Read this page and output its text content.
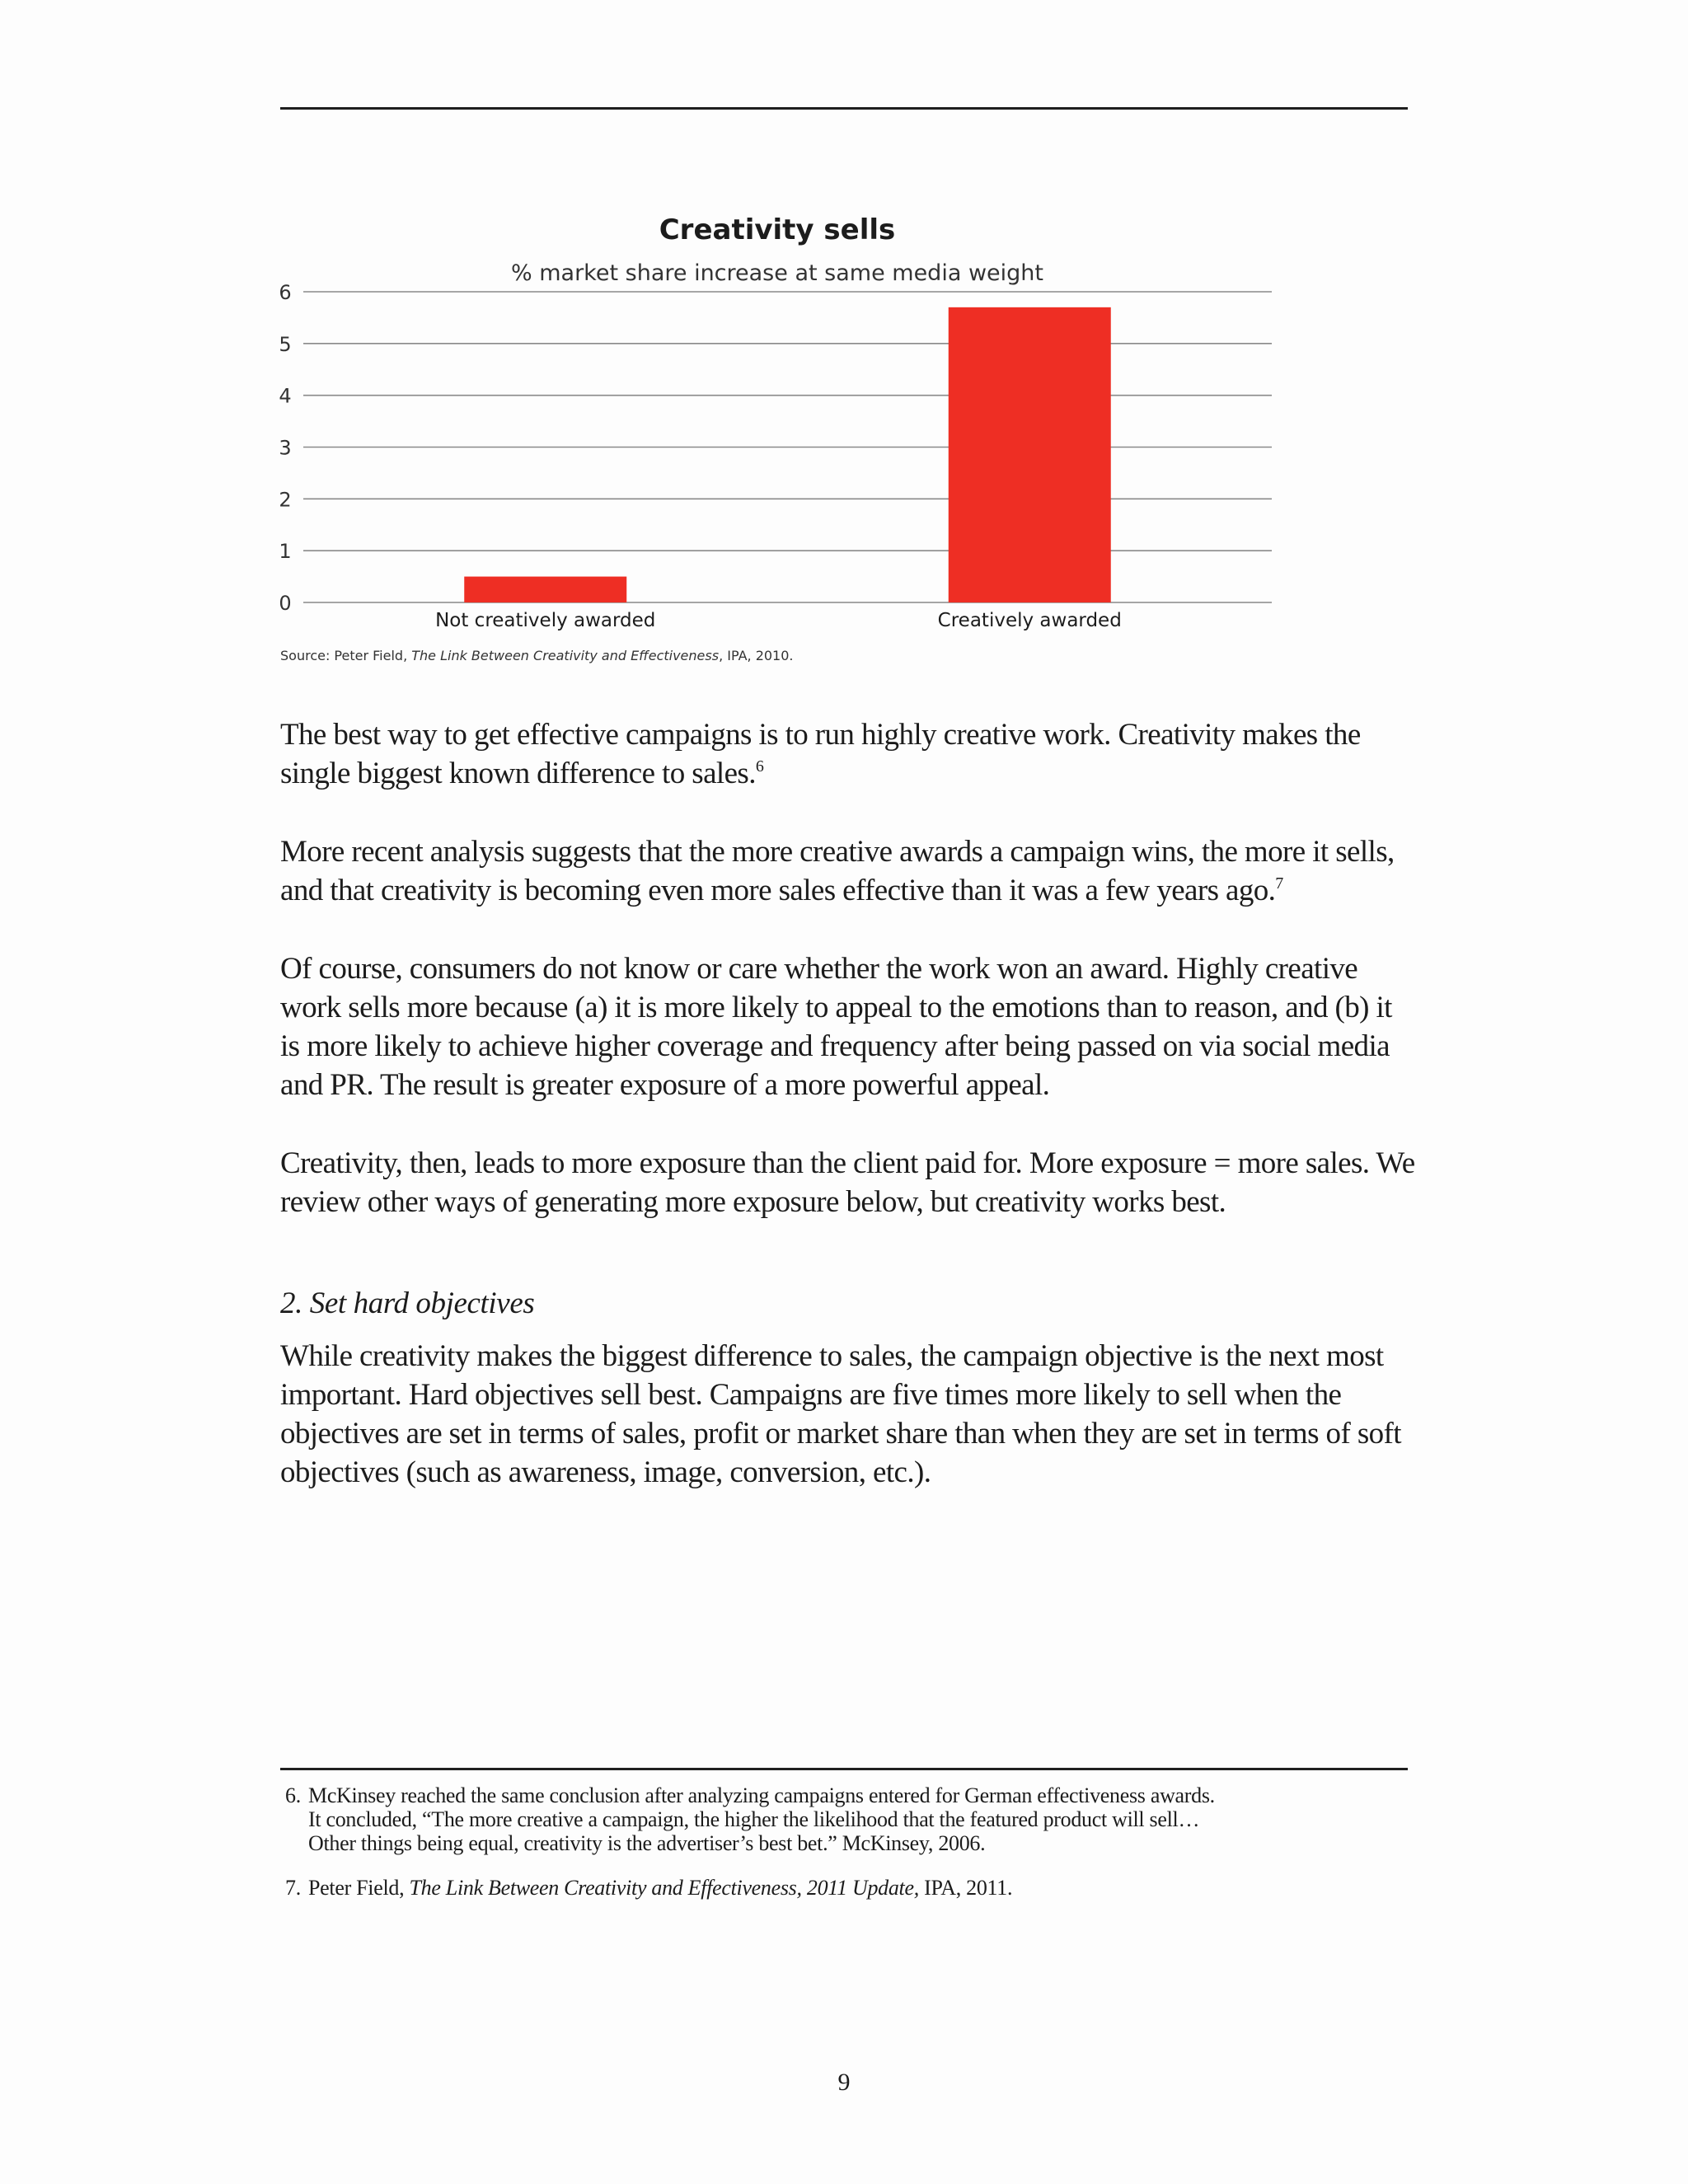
Creativity sells
% market share increase at same media weight
0
1
2
3
4
5
6
Not creatively awarded	Creatively awarded
Source: Peter Field, The Link Between Creativity and Effectiveness, IPA, 2010.

The best way to get effective campaigns is to run highly creative work. Creativity makes the single biggest known difference to sales.$^6$

More recent analysis suggests that the more creative awards a campaign wins, the more it sells, and that creativity is becoming even more sales effective than it was a few years ago.$^7$

Of course, consumers do not know or care whether the work won an award. Highly creative work sells more because (a) it is more likely to appeal to the emotions than to reason, and (b) it is more likely to achieve higher coverage and frequency after being passed on via social media and PR. The result is greater exposure of a more powerful appeal.

Creativity, then, leads to more exposure than the client paid for. More exposure = more sales. We review other ways of generating more exposure below, but creativity works best.

2. Set hard objectives

While creativity makes the biggest difference to sales, the campaign objective is the next most important. Hard objectives sell best. Campaigns are five times more likely to sell when the objectives are set in terms of sales, profit or market share than when they are set in terms of soft objectives (such as awareness, image, conversion, etc.).

6. McKinsey reached the same conclusion after analyzing campaigns entered for German effectiveness awards.
It concluded, “The more creative a campaign, the higher the likelihood that the featured product will sell…
Other things being equal, creativity is the advertiser’s best bet.” McKinsey, 2006.

7. Peter Field, The Link Between Creativity and Effectiveness, 2011 Update, IPA, 2011.

9
